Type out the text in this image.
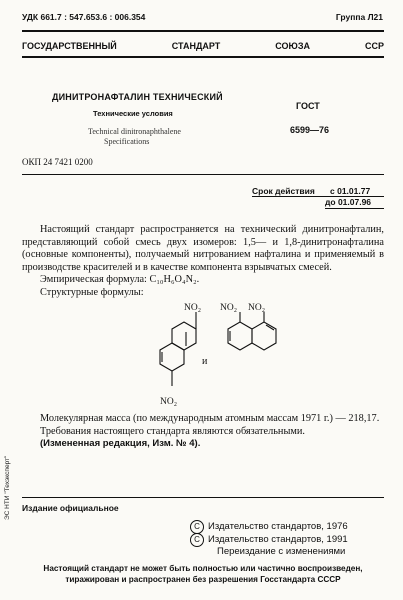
УДК 661.7 : 547.653.6 : 006.354	Группа Л21
ГОСУДАРСТВЕННЫЙ	СТАНДАРТ	СОЮЗА	ССР
ДИНИТРОНАФТАЛИН ТЕХНИЧЕСКИЙ
Технические условия
Technical dinitronaphthalene
Specifications
ГОСТ
6599—76
ОКП 24 7421 0200
Срок действия с 01.01.77
до 01.07.96

Настоящий стандарт распространяется на технический динитронафталин, представляющий собой смесь двух изомеров: 1,5— и 1,8-динитронафталина (основные компоненты), получаемый нитрованием нафталина и применяемый в производстве красителей и в качестве компонента взрывчатых смесей.

Эмпирическая формула: C₁₀H₆O₄N₂.

Структурные формулы:

NO₂
NO₂
и
NO₂ NO₂

Молекулярная масса (по международным атомным массам 1971 г.) — 218,17.

Требования настоящего стандарта являются обязательными.

(Измененная редакция, Изм. № 4).

ЭС НТИ "Техэксперт" Издание официальное
C Издательство стандартов, 1976
C Издательство стандартов, 1991
Переиздание с изменениями
Настоящий стандарт не может быть полностью или частично воспроизведен, тиражирован и распространен без разрешения Госстандарта СССР
